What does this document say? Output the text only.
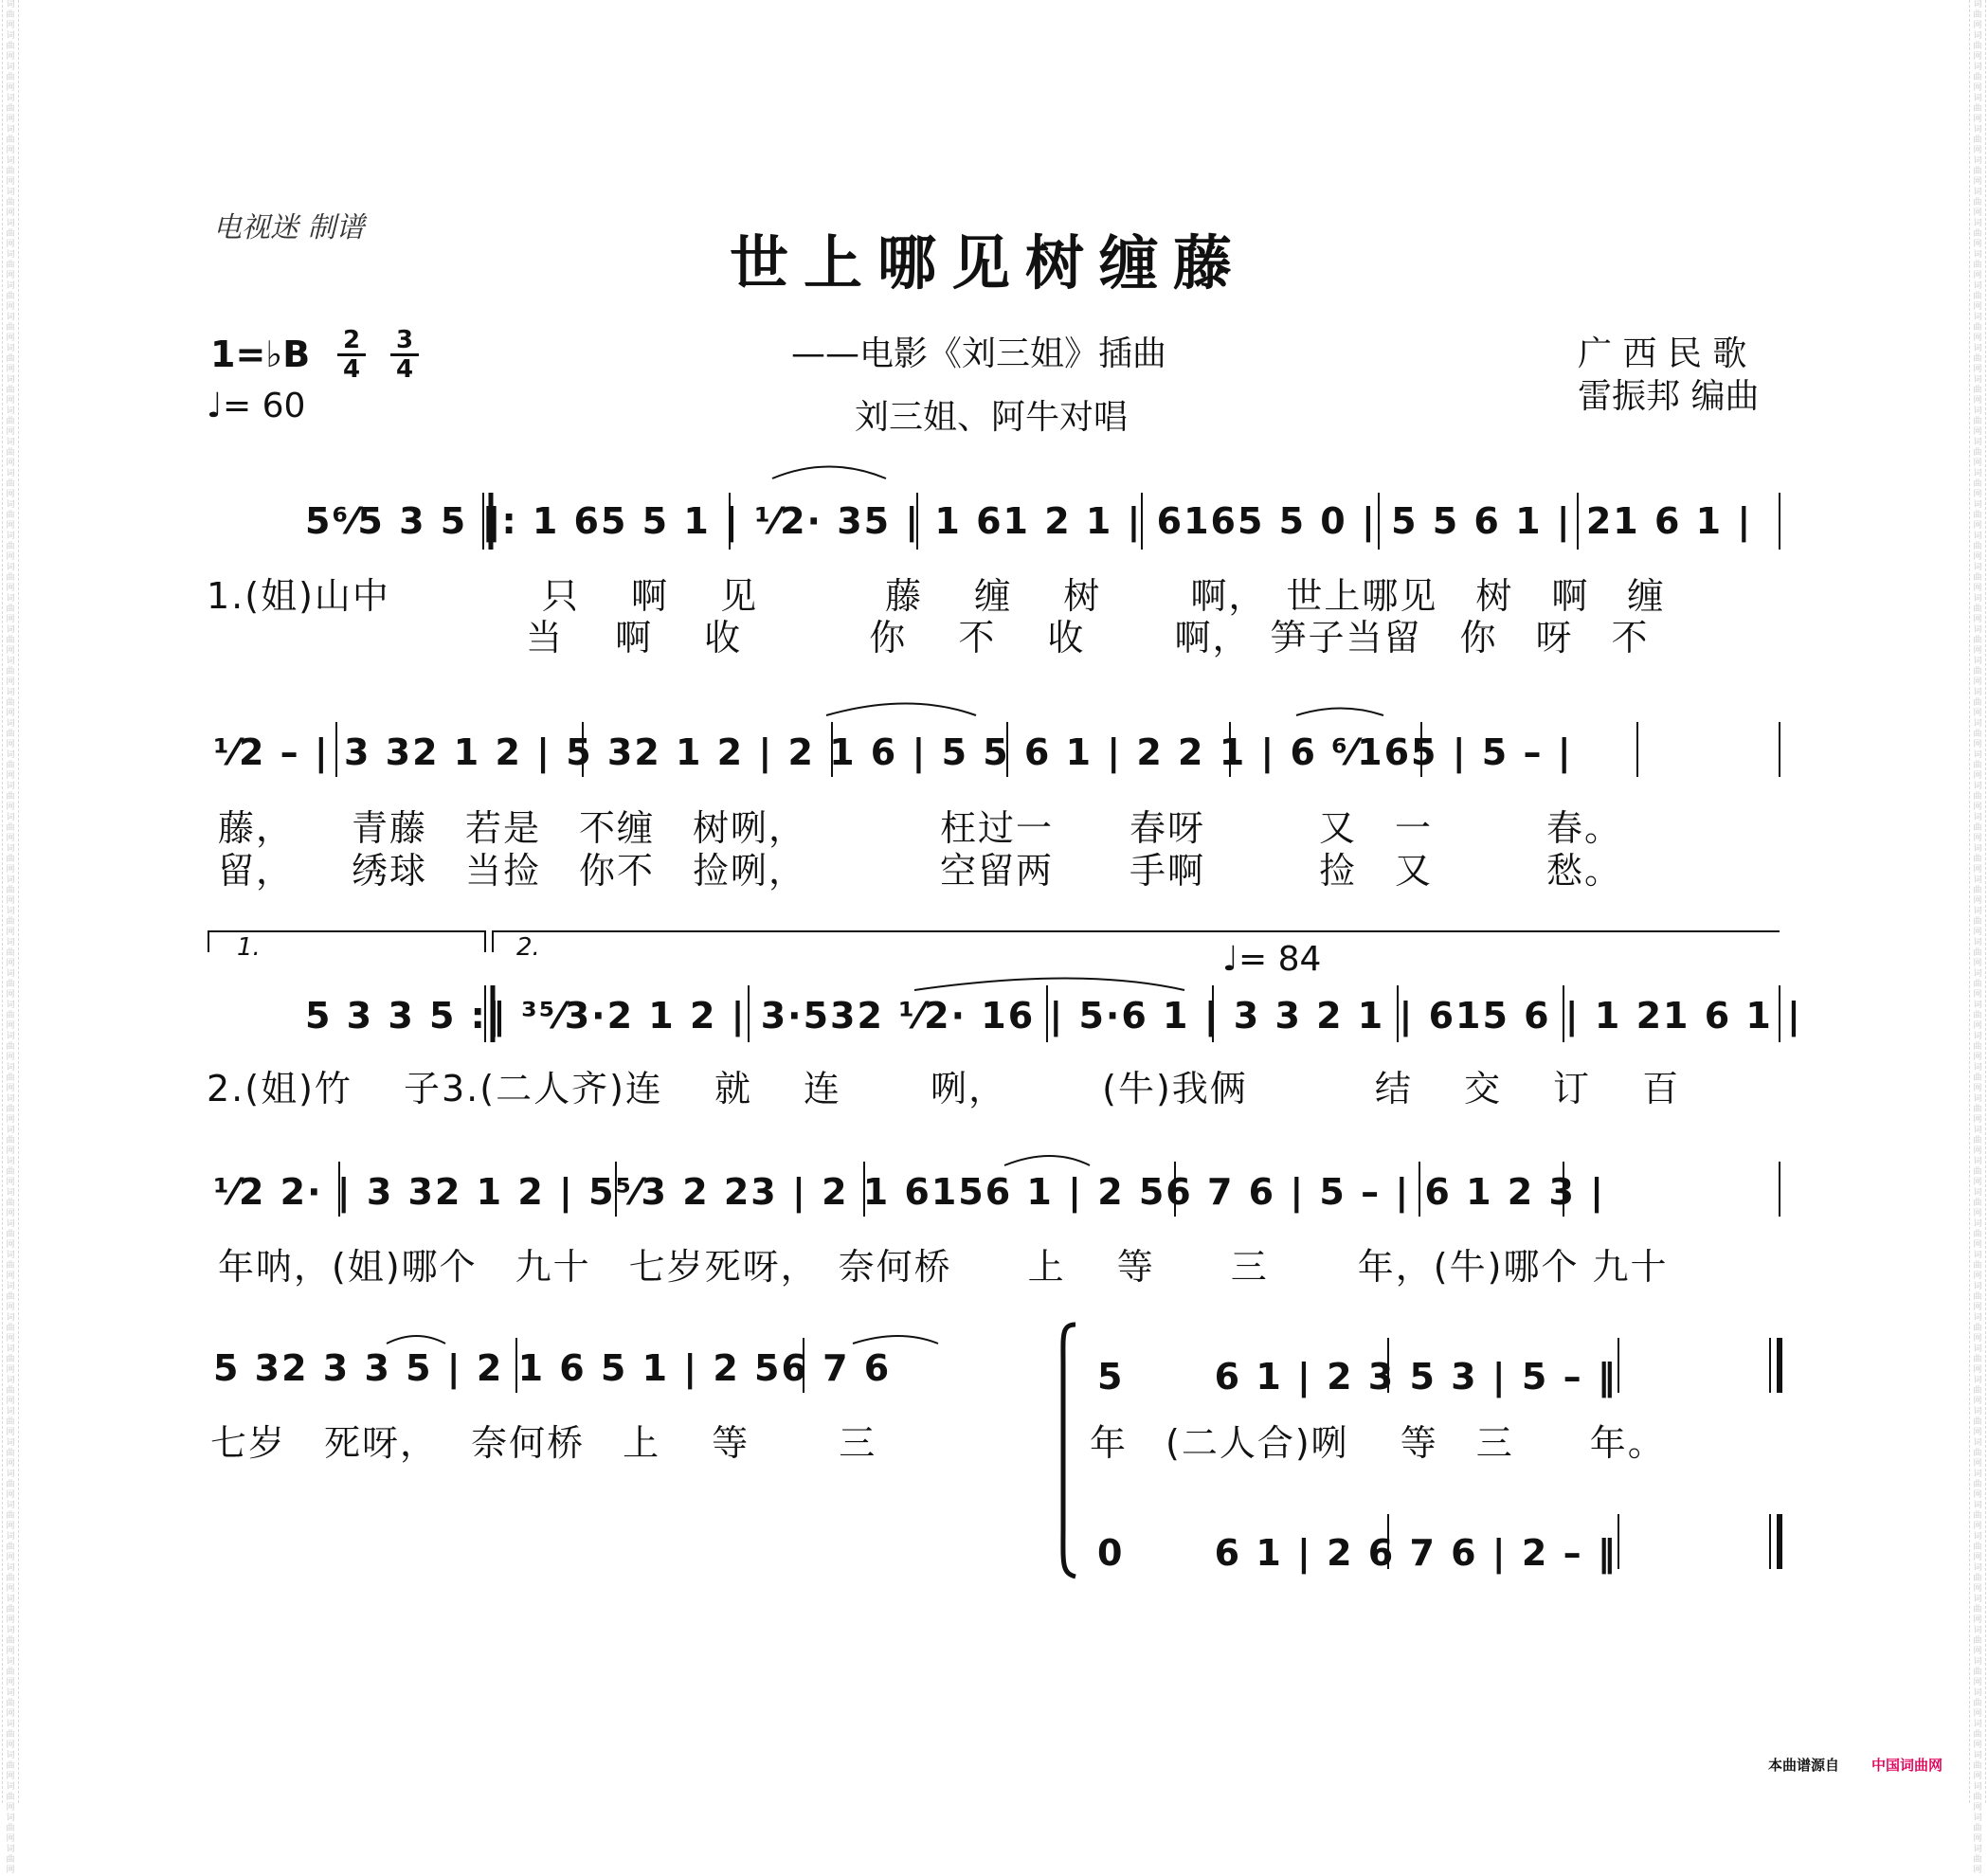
词曲网词曲网词曲网词曲网词曲网词曲网词曲网词曲网词曲网词曲网词曲网词曲网词曲网词曲网词曲网词曲网词曲网词曲网词曲网词曲网词曲网词曲网词曲网词曲网词曲网词曲网词曲网词曲网词曲网词曲网词曲网词曲网词曲网词曲网词曲网词曲网词曲网词曲网词曲网词曲网词曲网词曲网词曲网词曲网词曲网词曲网词曲网词曲网词曲网词曲网词曲网词曲网词曲网词曲网词曲网词曲网词曲网词曲网词曲网词曲网
词曲网词曲网词曲网词曲网词曲网词曲网词曲网词曲网词曲网词曲网词曲网词曲网词曲网词曲网词曲网词曲网词曲网词曲网词曲网词曲网词曲网词曲网词曲网词曲网词曲网词曲网词曲网词曲网词曲网词曲网词曲网词曲网词曲网词曲网词曲网词曲网词曲网词曲网词曲网词曲网词曲网词曲网词曲网词曲网词曲网词曲网词曲网词曲网词曲网词曲网词曲网词曲网词曲网词曲网词曲网词曲网词曲网词曲网词曲网词曲网
电视迷 制谱
世上哪见树缠藤
1=♭B 2
4
3
4
♩= 60
——电影《刘三姐》插曲
刘三姐、阿牛对唱
广 西 民 歌
雷振邦 编曲
5⁶⁄5 3 5 ‖: 1 65 5 1 | ¹⁄2· 35 | 1 61 2 1 | 6165 5 0 | 5 5 6 1 | 21 6 1 |
1.(姐)山中　　　　只　 啊　 见　　　 藤　 缠　 树　　 啊，　世上哪见　树　啊　缠
当　 啊　 收　　　 你　 不　 收　　 啊，　笋子当留　你　呀　不
¹⁄2 – | 3 32 1 2 | 5 32 1 2 | 2 1 6 | 5 5 6 1 | 2 2 1 | 6 ⁶⁄165 | 5 – |
藤，　　青藤　若是　不缠　树咧，　　　　枉过一　　春呀　　　又　一　　　春。
留，　　绣球　当捡　你不　捡咧，　　　　空留两　　手啊　　　捡　又　　　愁。
1.	2.	♩= 84
5 3 3 5 :‖ ³⁵⁄3·2 1 2 | 3·532 ¹⁄2· 16 | 5·6 1 | 3 3 2 1 | 615 6 | 1 21 6 1 |
2.(姐)竹　 子3.(二人齐)连　 就　 连　　 咧，　　　(牛)我俩　　　 结　 交　 订　 百
¹⁄2 2· | 3 32 1 2 | 5⁵⁄3 2 23 | 2 1 6156 1 | 2 56 7 6 | 5 – | 6 1 2 3 |
年呐，(姐)哪个　九十　七岁死呀，　奈何桥　　上　 等　　三　　 年，(牛)哪个 九十
5 32 3 3 5 | 2 1 6 5 1 | 2 56 7 6
七岁　死呀，　 奈何桥　上　 等　　 三
5　　 6 1 | 2 3 5 3 | 5 – ‖
年　(二人合)咧　 等　三　　年。
0　　 6 1 | 2 6 7 6 | 2 – ‖
本曲谱源自 中国词曲网
